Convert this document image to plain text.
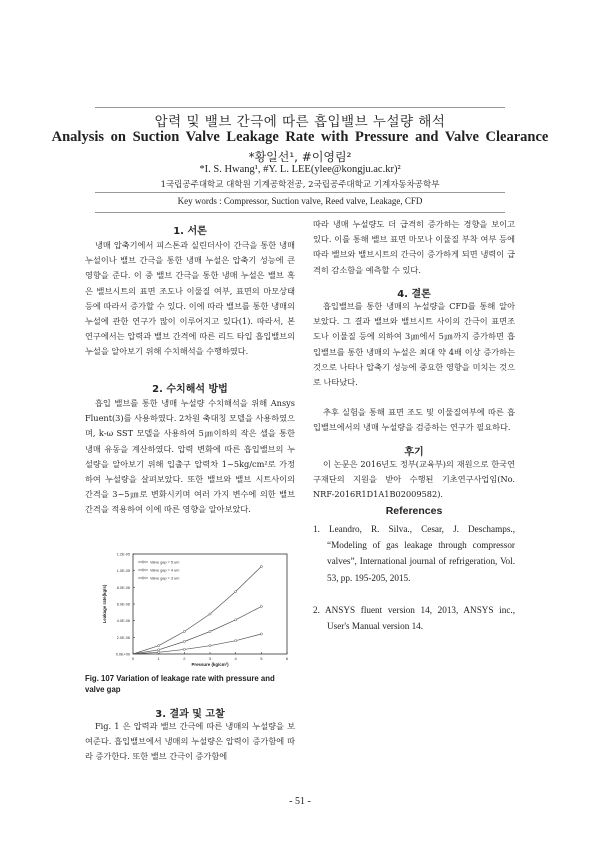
압력 및 밸브 간극에 따른 흡입밸브 누설량 해석
Analysis on Suction Valve Leakage Rate with Pressure and Valve Clearance
*황일선¹, #이영림²
*I. S. Hwang¹, #Y. L. LEE(ylee@kongju.ac.kr)²
1국립공주대학교 대학원 기계공학전공, 2국립공주대학교 기계자동차공학부
Key words : Compressor, Suction valve, Reed valve, Leakage, CFD
1. 서론

냉매 압축기에서 피스톤과 실린더사이 간극을 통한 냉매 누설이나 밸브 간극을 통한 냉매 누설은 압축기 성능에 큰 영향을 준다. 이 중 밸브 간극을 통한 냉매 누설은 밸브 혹은 밸브시트의 표면 조도나 이물질 여부, 표면의 마모상태 등에 따라서 증가할 수 있다. 이에 따라 밸브를 통한 냉매의 누설에 관한 연구가 많이 이루어지고 있다(1). 따라서, 본 연구에서는 압력과 밸브 간격에 따른 리드 타입 흡입밸브의 누설을 알아보기 위해 수치해석을 수행하였다.

2. 수치해석 방법

흡입 밸브를 통한 냉매 누설량 수치해석을 위해 Ansys Fluent(3)를 사용하였다. 2차원 축대칭 모델을 사용하였으며, k-ω SST 모델을 사용하여 5㎛이하의 작은 셀을 통한 냉매 유동을 계산하였다. 압력 변화에 따른 흡입밸브의 누설량을 알아보기 위해 입출구 압력차 1~5kg/cm²로 가정하여 누설량을 살펴보았다. 또한 밸브와 밸브 시트사이의 간격을 3~5㎛로 변화시키며 여러 가지 변수에 의한 밸브 간격을 적용하여 이에 따른 영향을 알아보았다.

0.0E+00
2.0E-06
4.0E-06
6.0E-06
8.0E-06
1.0E-05
1.2E-05
0	1	2	3	4	5	6
Pressure (kg/cm²)
Leakage rate(kg/s)
Valve gap = 5 um
Valve gap = 4 um
Valve gap = 3 um
Fig. 107 Variation of leakage rate with pressure and valve gap
3. 결과 및 고찰

Fig. 1 은 압력과 밸브 간극에 따른 냉매의 누설량을 보여준다. 흡입밸브에서 냉매의 누설량은 압력이 증가함에 따라 증가한다. 또한 밸브 간극이 증가함에

따라 냉매 누설량도 더 급격히 증가하는 경향을 보이고 있다. 이를 통해 밸브 표면 마모나 이물질 부착 여부 등에 따라 밸브와 밸브시트의 간극이 증가하게 되면 냉력이 급격히 감소함을 예측할 수 있다.

4. 결론

흡입밸브를 통한 냉매의 누설량을 CFD를 통해 알아보았다. 그 결과 밸브와 밸브시트 사이의 간극이 표면조도나 이물질 등에 의하여 3㎛에서 5㎛까지 증가하면 흡입밸브를 통한 냉매의 누설은 최대 약 4배 이상 증가하는 것으로 나타나 압축기 성능에 중요한 영향을 미치는 것으로 나타났다.

추후 실험을 통해 표면 조도 및 이물질여부에 따른 흡입밸브에서의 냉매 누설량을 검증하는 연구가 필요하다.

후기

이 논문은 2016년도 정부(교육부)의 재원으로 한국연구재단의 지원을 받아 수행된 기초연구사업임(No. NRF-2016R1D1A1B02009582).

References
1. Leandro, R. Silva., Cesar, J. Deschamps., “Modeling of gas leakage through compressor valves”, International journal of refrigeration, Vol. 53, pp. 195-205, 2015.
2. ANSYS fluent version 14, 2013, ANSYS inc., User's Manual version 14.
- 51 -
